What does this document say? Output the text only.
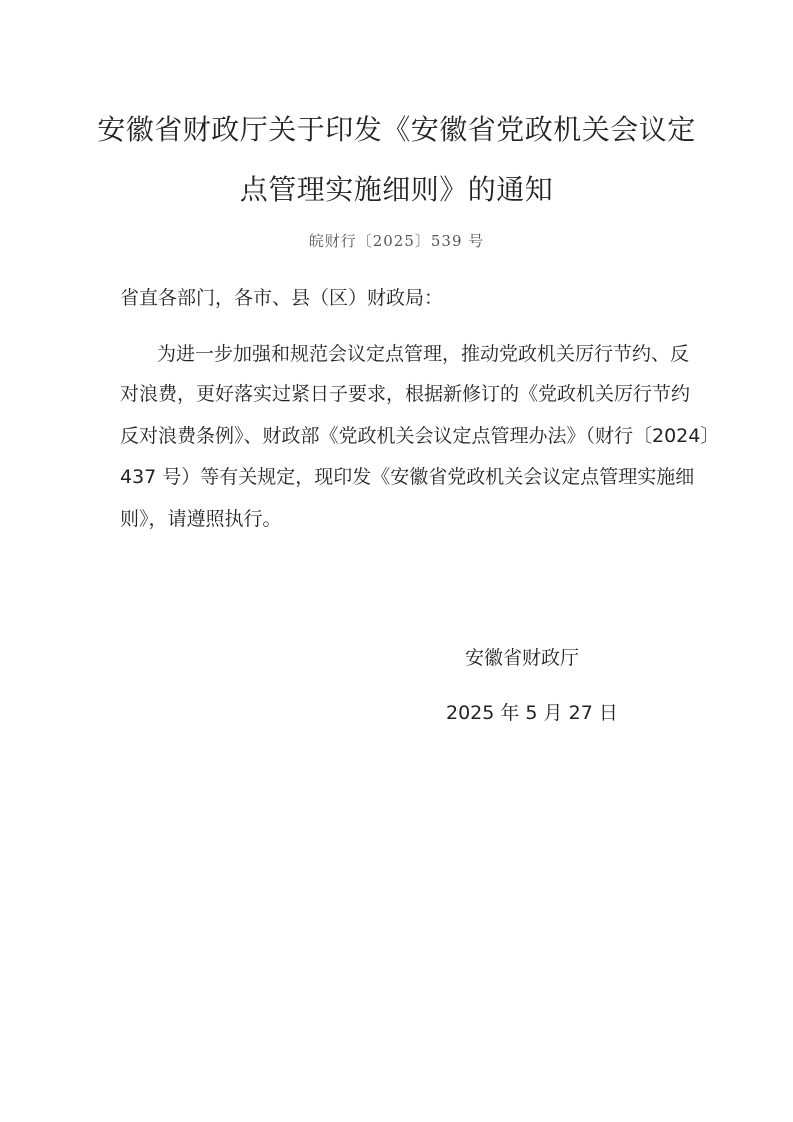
安徽省财政厅关于印发《安徽省党政机关会议定
点管理实施细则》的通知
皖财行〔2025〕539 号
省直各部门，各市、县（区）财政局：
为进一步加强和规范会议定点管理，推动党政机关厉行节约、反
对浪费，更好落实过紧日子要求，根据新修订的《党政机关厉行节约
反对浪费条例》、财政部《党政机关会议定点管理办法》（财行〔2024〕
437 号）等有关规定，现印发《安徽省党政机关会议定点管理实施细
则》，请遵照执行。
安徽省财政厅
2025 年 5 月 27 日
